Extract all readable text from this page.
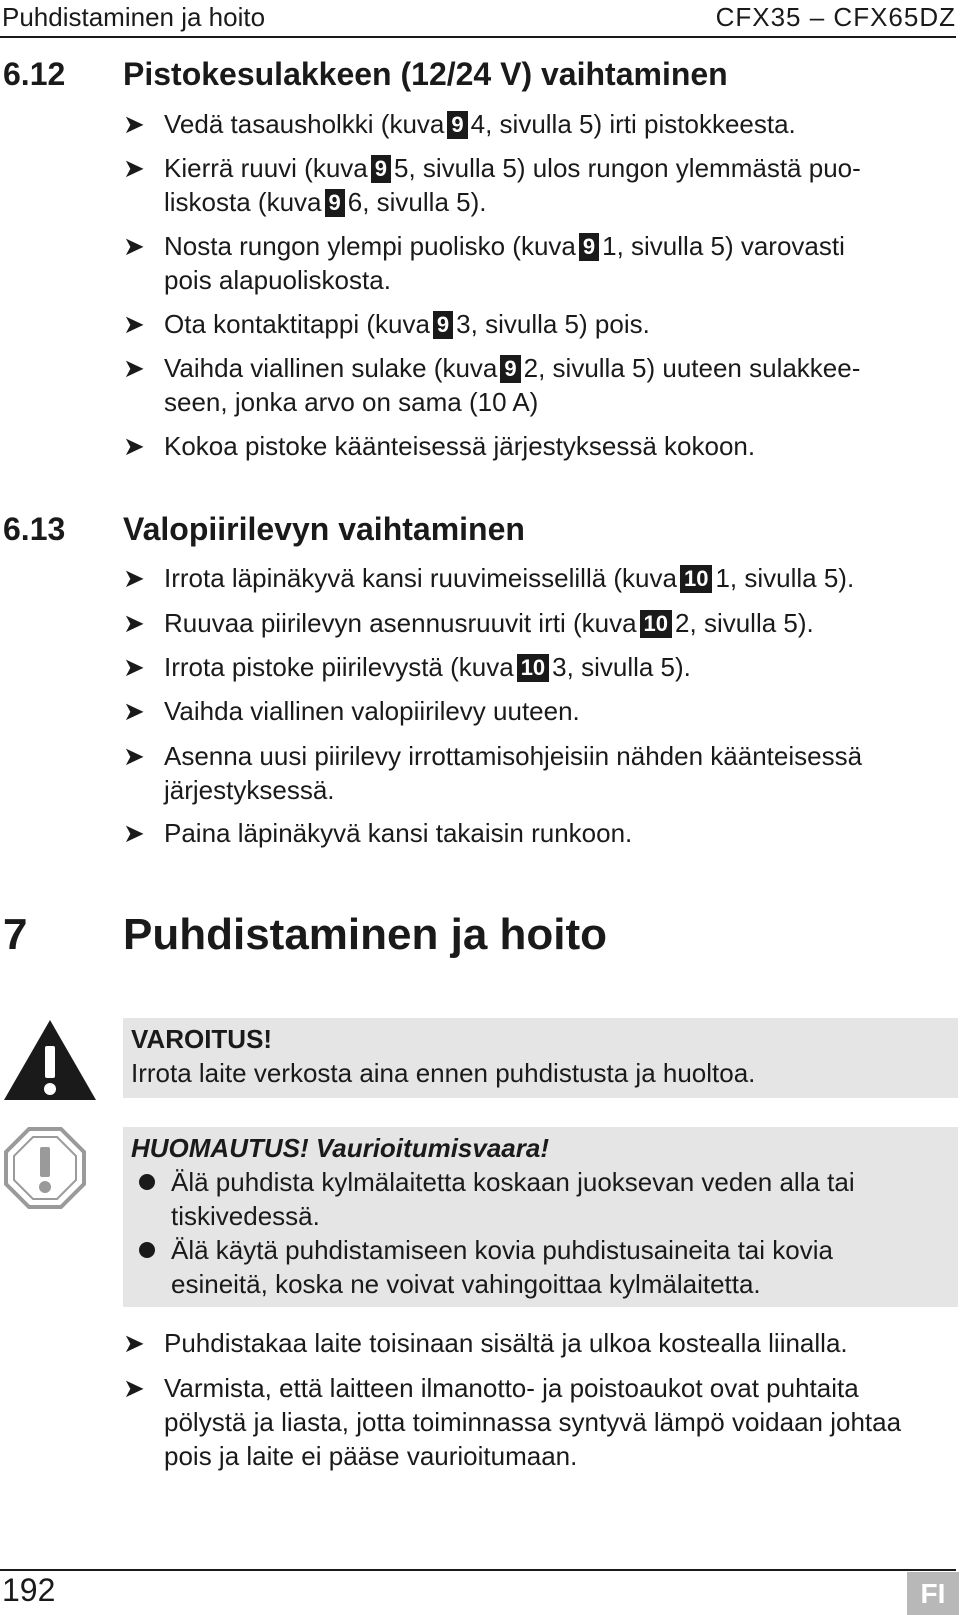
Puhdistaminen ja hoito	CFX35 – CFX65DZ
6.12 Pistokesulakkeen (12/24 V) vaihtaminen
➤ Vedä tasausholkki (kuva 9 4, sivulla 5) irti pistokkeesta.
➤ Kierrä ruuvi (kuva 9 5, sivulla 5) ulos rungon ylemmästä puo-
liskosta (kuva 9 6, sivulla 5).
➤ Nosta rungon ylempi puolisko (kuva 9 1, sivulla 5) varovasti
pois alapuoliskosta.
➤ Ota kontaktitappi (kuva 9 3, sivulla 5) pois.
➤ Vaihda viallinen sulake (kuva 9 2, sivulla 5) uuteen sulakkee-
seen, jonka arvo on sama (10 A)
➤ Kokoa pistoke käänteisessä järjestyksessä kokoon.
6.13 Valopiirilevyn vaihtaminen
➤ Irrota läpinäkyvä kansi ruuvimeisselillä (kuva 10 1, sivulla 5).
➤ Ruuvaa piirilevyn asennusruuvit irti (kuva 10 2, sivulla 5).
➤ Irrota pistoke piirilevystä (kuva 10 3, sivulla 5).
➤ Vaihda viallinen valopiirilevy uuteen.
➤ Asenna uusi piirilevy irrottamisohjeisiin nähden käänteisessä
järjestyksessä.
➤ Paina läpinäkyvä kansi takaisin runkoon.
7 Puhdistaminen ja hoito
VAROITUS!
Irrota laite verkosta aina ennen puhdistusta ja huoltoa.
HUOMAUTUS! Vaurioitumisvaara!
Älä puhdista kylmälaitetta koskaan juoksevan veden alla tai
tiskivedessä.
Älä käytä puhdistamiseen kovia puhdistusaineita tai kovia
esineitä, koska ne voivat vahingoittaa kylmälaitetta.
➤ Puhdistakaa laite toisinaan sisältä ja ulkoa kostealla liinalla.
➤ Varmista, että laitteen ilmanotto- ja poistoaukot ovat puhtaita
pölystä ja liasta, jotta toiminnassa syntyvä lämpö voidaan johtaa
pois ja laite ei pääse vaurioitumaan.
192	FI
